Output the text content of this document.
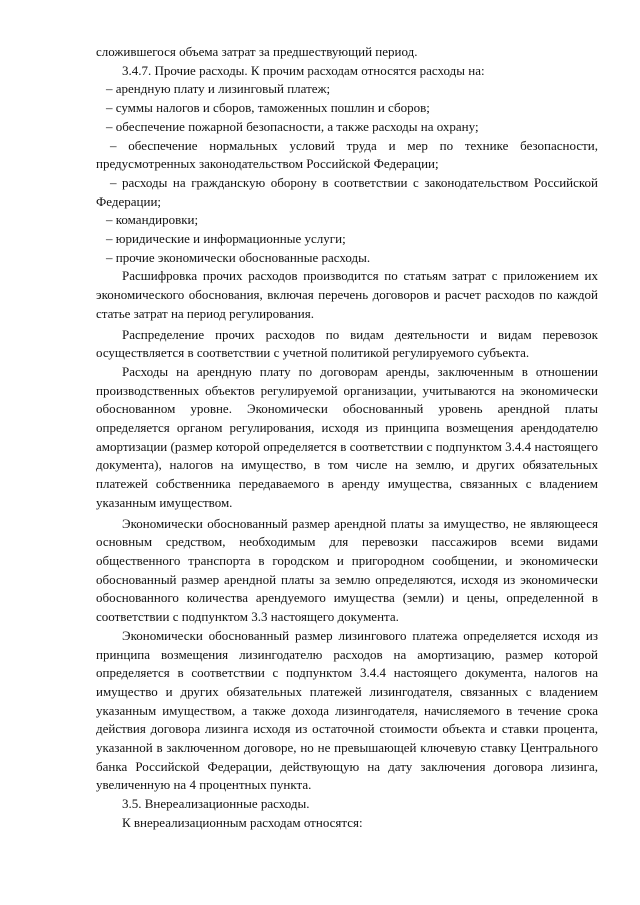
сложившегося объема затрат за предшествующий период.

3.4.7. Прочие расходы. К прочим расходам относятся расходы на:

– арендную плату и лизинговый платеж;

– суммы налогов и сборов, таможенных пошлин и сборов;

– обеспечение пожарной безопасности, а также расходы на охрану;

– обеспечение нормальных условий труда и мер по технике безопасности, предусмотренных законодательством Российской Федерации;

– расходы на гражданскую оборону в соответствии с законодательством Российской Федерации;

– командировки;

– юридические и информационные услуги;

– прочие экономически обоснованные расходы.

Расшифровка прочих расходов производится по статьям затрат с приложением их экономического обоснования, включая перечень договоров и расчет расходов по каждой статье затрат на период регулирования.

Распределение прочих расходов по видам деятельности и видам перевозок осуществляется в соответствии с учетной политикой регулируемого субъекта.

Расходы на арендную плату по договорам аренды, заключенным в отношении производственных объектов регулируемой организации, учитываются на экономически обоснованном уровне. Экономически обоснованный уровень арендной платы определяется органом регулирования, исходя из принципа возмещения арендодателю амортизации (размер которой определяется в соответствии с подпунктом 3.4.4 настоящего документа), налогов на имущество, в том числе на землю, и других обязательных платежей собственника передаваемого в аренду имущества, связанных с владением указанным имуществом.

Экономически обоснованный размер арендной платы за имущество, не являющееся основным средством, необходимым для перевозки пассажиров всеми видами общественного транспорта в городском и пригородном сообщении, и экономически обоснованный размер арендной платы за землю определяются, исходя из экономически обоснованного количества арендуемого имущества (земли) и цены, определенной в соответствии с подпунктом 3.3 настоящего документа.

Экономически обоснованный размер лизингового платежа определяется исходя из принципа возмещения лизингодателю расходов на амортизацию, размер которой определяется в соответствии с подпунктом 3.4.4 настоящего документа, налогов на имущество и других обязательных платежей лизингодателя, связанных с владением указанным имуществом, а также дохода лизингодателя, начисляемого в течение срока действия договора лизинга исходя из остаточной стоимости объекта и ставки процента, указанной в заключенном договоре, но не превышающей ключевую ставку Центрального банка Российской Федерации, действующую на дату заключения договора лизинга, увеличенную на 4 процентных пункта.

3.5. Внереализационные расходы.

К внереализационным расходам относятся:
